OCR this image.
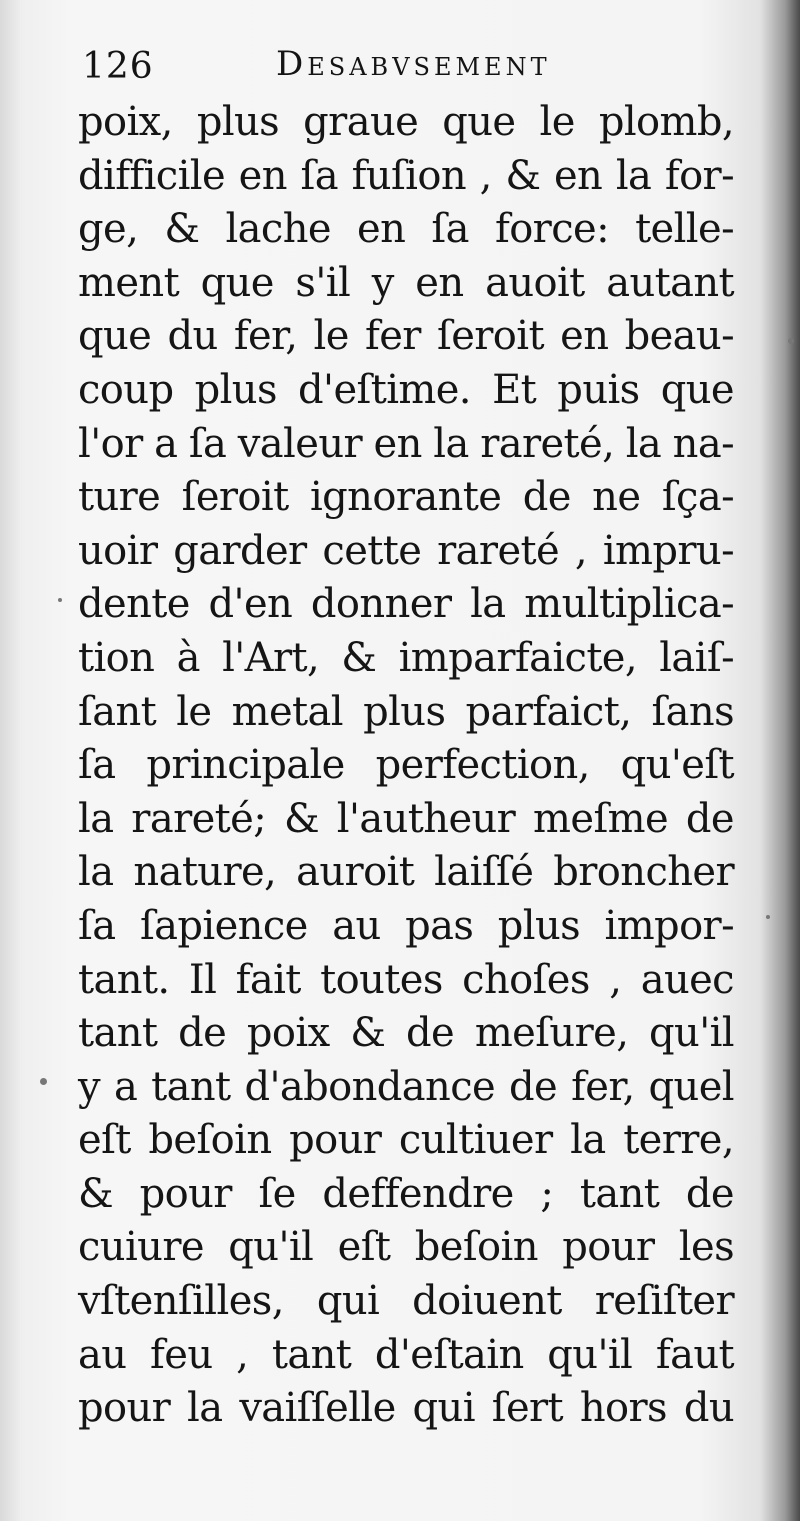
126	Desabvsement
poix, plus graue que le plomb,
difficile en ſa fuſion , & en la for-
ge, & lache en ſa force: telle-
ment que s'il y en auoit autant
que du fer, le fer ſeroit en beau-
coup plus d'eſtime. Et puis que
l'or a ſa valeur en la rareté, la na-
ture ſeroit ignorante de ne ſça-
uoir garder cette rareté , impru-
dente d'en donner la multiplica-
tion à l'Art, & imparfaicte, laiſ-
ſant le metal plus parfaict, ſans
ſa principale perfection, qu'eſt
la rareté; & l'autheur meſme de
la nature, auroit laiſſé broncher
ſa ſapience au pas plus impor-
tant. Il fait toutes choſes , auec
tant de poix & de meſure, qu'il
y a tant d'abondance de fer, quel
eſt beſoin pour cultiuer la terre,
& pour ſe deffendre ; tant de
cuiure qu'il eſt beſoin pour les
vſtenſilles, qui doiuent reſiſter
au feu , tant d'eſtain qu'il faut
pour la vaiſſelle qui ſert hors du
